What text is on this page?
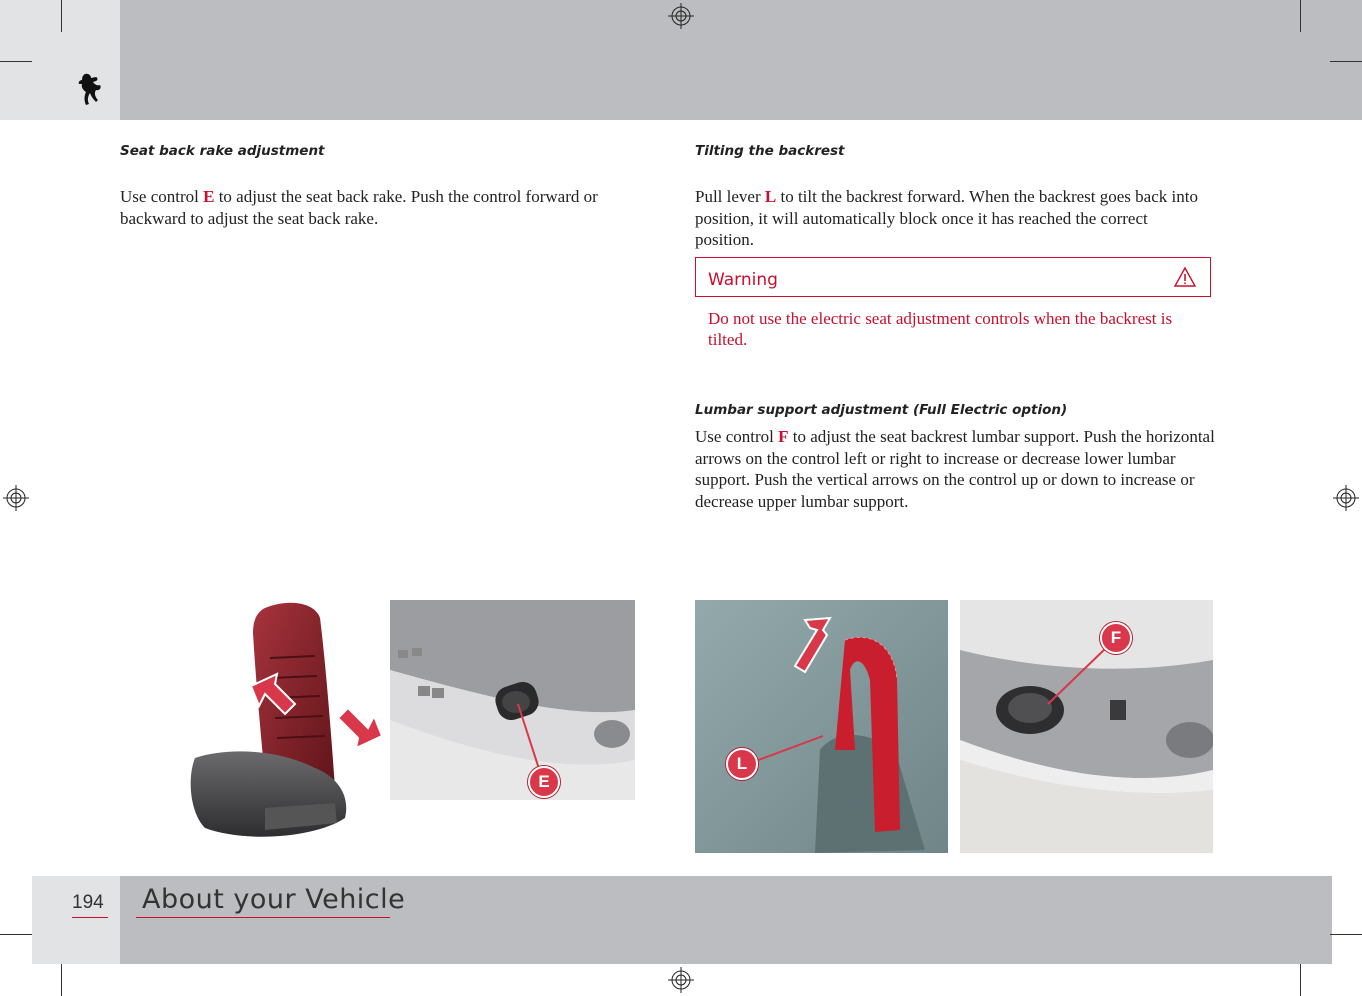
Seat back rake adjustment
Use control E to adjust the seat back rake. Push the control forward or backward to adjust the seat back rake.
Tilting the backrest
Pull lever L to tilt the backrest forward. When the backrest goes back into position, it will automatically block once it has reached the correct position.
Warning
Do not use the electric seat adjustment controls when the backrest is tilted.
Lumbar support adjustment (Full Electric option)
Use control F to adjust the seat backrest lumbar support. Push the horizontal arrows on the control left or right to increase or decrease lower lumbar support. Push the vertical arrows on the control up or down to increase or decrease upper lumbar support.
E
L
F
194 About your Vehicle
